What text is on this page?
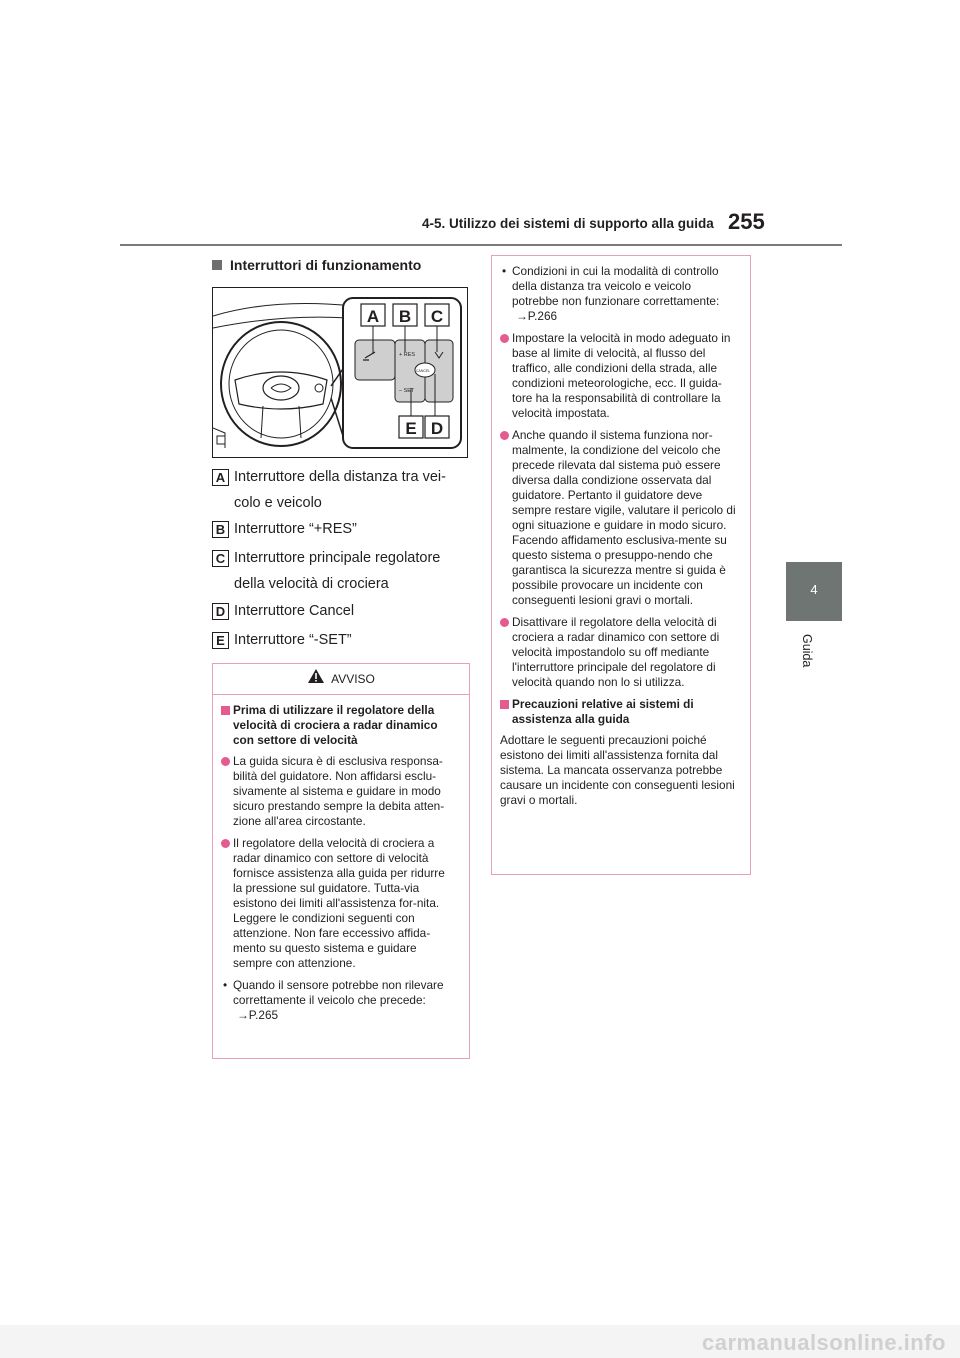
4-5. Utilizzo dei sistemi di supporto alla guida 255
4
Guida
Interruttori di funzionamento
+ RES
CANCEL
– SET
A B C
E D
A Interruttore della distanza tra vei-
colo e veicolo
B Interruttore “+RES”
C Interruttore principale regolatore
della velocità di crociera
D Interruttore Cancel
E Interruttore “-SET”
AVVISO
Prima di utilizzare il regolatore della velocità di crociera a radar dinamico con settore di velocità
La guida sicura è di esclusiva responsa-bilità del guidatore. Non affidarsi esclu-sivamente al sistema e guidare in modo sicuro prestando sempre la debita atten-zione all'area circostante.
Il regolatore della velocità di crociera a radar dinamico con settore di velocità fornisce assistenza alla guida per ridurre la pressione sul guidatore. Tutta-via esistono dei limiti all'assistenza for-nita.
Leggere le condizioni seguenti con attenzione. Non fare eccessivo affida-mento su questo sistema e guidare sempre con attenzione.
• Quando il sensore potrebbe non rilevare correttamente il veicolo che precede:
→P.265
• Condizioni in cui la modalità di controllo della distanza tra veicolo e veicolo potrebbe non funzionare correttamente:
→P.266
Impostare la velocità in modo adeguato in base al limite di velocità, al flusso del traffico, alle condizioni della strada, alle condizioni meteorologiche, ecc. Il guida-tore ha la responsabilità di controllare la velocità impostata.
Anche quando il sistema funziona nor-malmente, la condizione del veicolo che precede rilevata dal sistema può essere diversa dalla condizione osservata dal guidatore. Pertanto il guidatore deve sempre restare vigile, valutare il pericolo di ogni situazione e guidare in modo sicuro. Facendo affidamento esclusiva-mente su questo sistema o presuppo-nendo che garantisca la sicurezza mentre si guida è possibile provocare un incidente con conseguenti lesioni gravi o mortali.
Disattivare il regolatore della velocità di crociera a radar dinamico con settore di velocità impostandolo su off mediante l'interruttore principale del regolatore di velocità quando non lo si utilizza.
Precauzioni relative ai sistemi di assistenza alla guida
Adottare le seguenti precauzioni poiché esistono dei limiti all'assistenza fornita dal sistema. La mancata osservanza potrebbe causare un incidente con conseguenti lesioni gravi o mortali.
carmanualsonline.info
